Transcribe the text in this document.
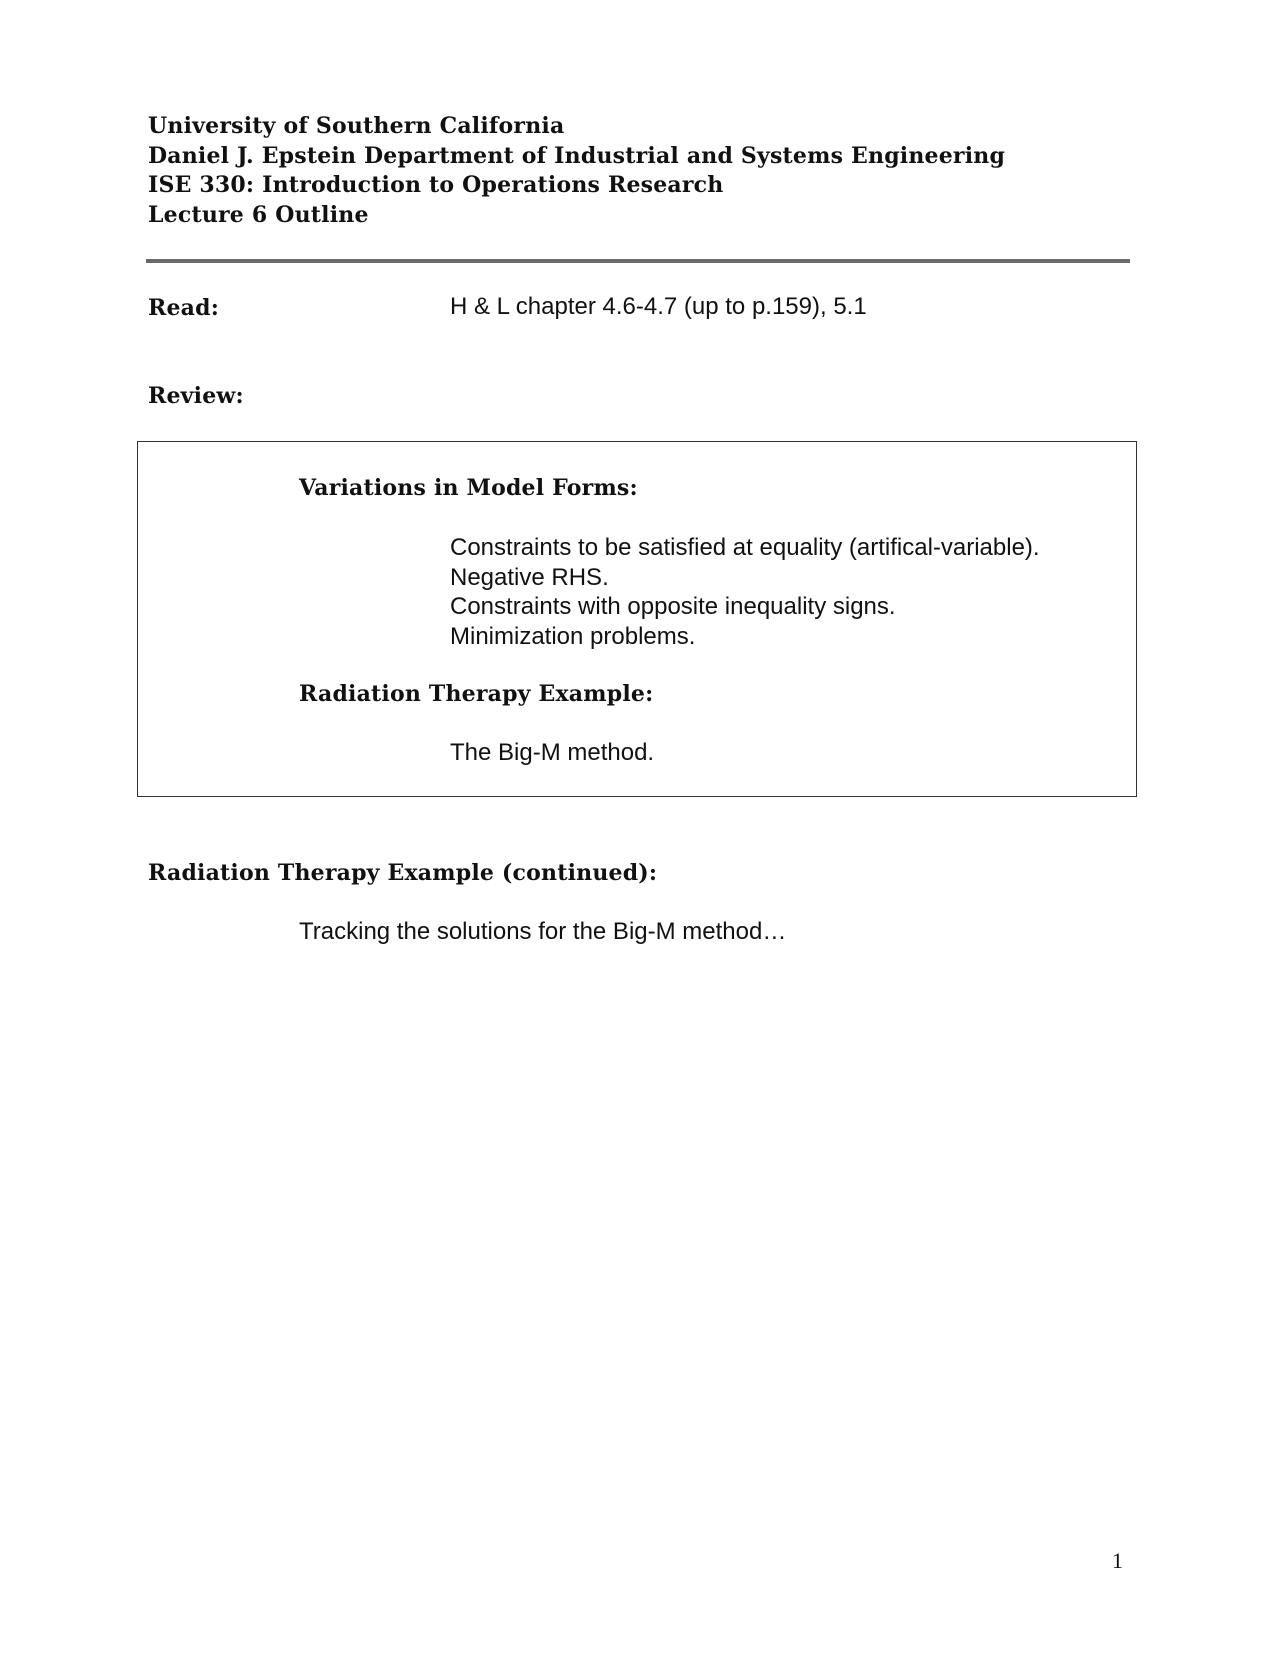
University of Southern California
Daniel J. Epstein Department of Industrial and Systems Engineering
ISE 330: Introduction to Operations Research
Lecture 6 Outline
Read:	H & L chapter 4.6-4.7 (up to p.159), 5.1
Review:
Variations in Model Forms:
Constraints to be satisfied at equality (artifical-variable).
Negative RHS.
Constraints with opposite inequality signs.
Minimization problems.
Radiation Therapy Example:
The Big-M method.
Radiation Therapy Example (continued):
Tracking the solutions for the Big-M method…
1
